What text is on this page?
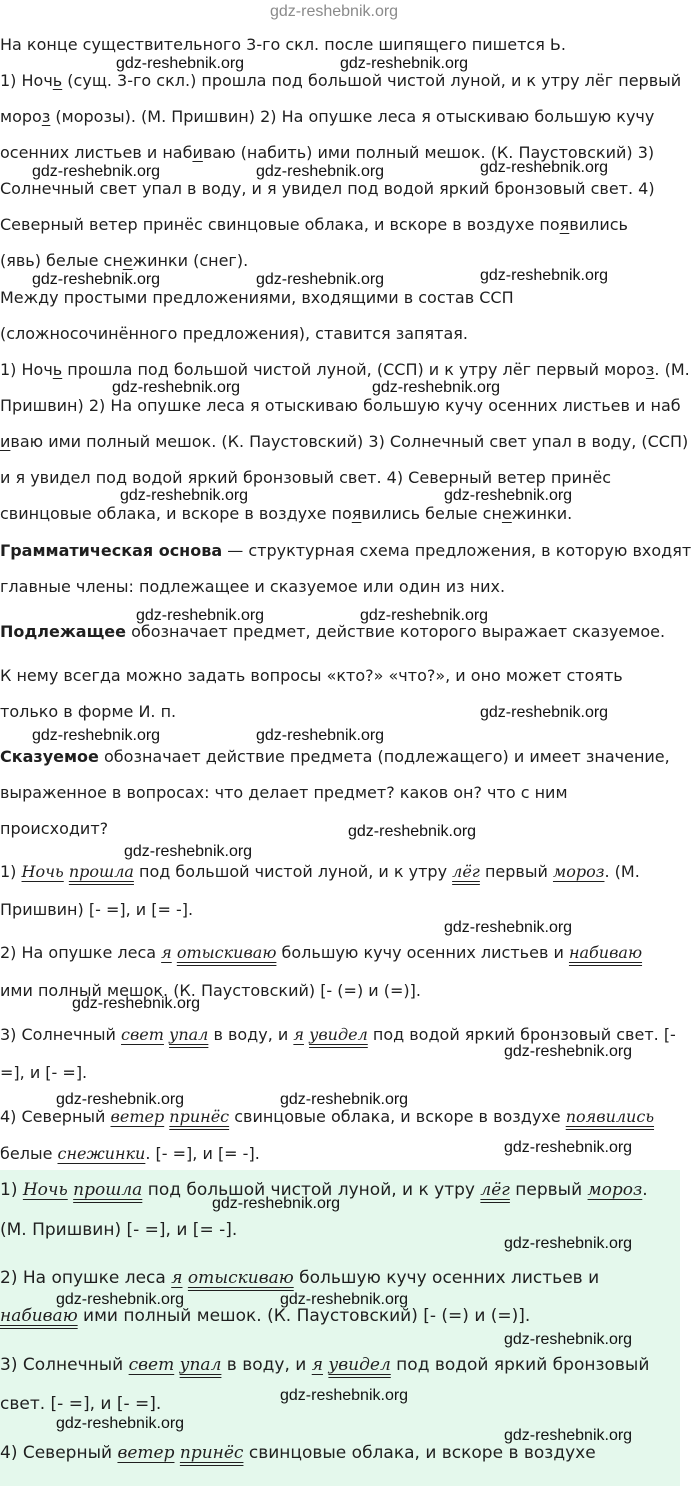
gdz-reshebnik.org
На конце существительного 3-го скл. после шипящего пишется Ь.
1) Ночь (сущ. 3-го скл.) прошла под большой чистой луной, и к утру лёг первый
мороз (морозы). (М. Пришвин) 2) На опушке леса я отыскиваю большую кучу
осенних листьев и набиваю (набить) ими полный мешок. (К. Паустовский) 3)
Солнечный свет упал в воду, и я увидел под водой яркий бронзовый свет. 4)
Северный ветер принёс свинцовые облака, и вскоре в воздухе появились
(явь) белые снежинки (снег).
Между простыми предложениями, входящими в состав ССП
(сложносочинённого предложения), ставится запятая.
1) Ночь прошла под большой чистой луной, (ССП) и к утру лёг первый мороз. (М.
Пришвин) 2) На опушке леса я отыскиваю большую кучу осенних листьев и наб
иваю ими полный мешок. (К. Паустовский) 3) Солнечный свет упал в воду, (ССП)
и я увидел под водой яркий бронзовый свет. 4) Северный ветер принёс
свинцовые облака, и вскоре в воздухе появились белые снежинки.
Грамматическая основа — структурная схема предложения, в которую входят
главные члены: подлежащее и сказуемое или один из них.
Подлежащее обозначает предмет, действие которого выражает сказуемое.
К нему всегда можно задать вопросы «кто?» «что?», и оно может стоять
только в форме И. п.
Сказуемое обозначает действие предмета (подлежащего) и имеет значение,
выраженное в вопросах: что делает предмет? каков он? что с ним
происходит?
1) Ночь прошла под большой чистой луной, и к утру лёг первый мороз. (М.
Пришвин) [- =], и [= -].
2) На опушке леса я отыскиваю большую кучу осенних листьев и набиваю
ими полный мешок. (К. Паустовский) [- (=) и (=)].
3) Солнечный свет упал в воду, и я увидел под водой яркий бронзовый свет. [-
=], и [- =].
4) Северный ветер принёс свинцовые облака, и вскоре в воздухе появились
белые снежинки. [- =], и [= -].
1) Ночь прошла под большой чистой луной, и к утру лёг первый мороз.
(М. Пришвин) [- =], и [= -].
2) На опушке леса я отыскиваю большую кучу осенних листьев и
набиваю ими полный мешок. (К. Паустовский) [- (=) и (=)].
3) Солнечный свет упал в воду, и я увидел под водой яркий бронзовый
свет. [- =], и [- =].
4) Северный ветер принёс свинцовые облака, и вскоре в воздухе
gdz-reshebnik.org	gdz-reshebnik.org
gdz-reshebnik.org
gdz-reshebnik.org	gdz-reshebnik.org
gdz-reshebnik.org
gdz-reshebnik.org	gdz-reshebnik.org
gdz-reshebnik.org	gdz-reshebnik.org
gdz-reshebnik.org	gdz-reshebnik.org
gdz-reshebnik.org	gdz-reshebnik.org
gdz-reshebnik.org
gdz-reshebnik.org	gdz-reshebnik.org
gdz-reshebnik.org
gdz-reshebnik.org
gdz-reshebnik.org
gdz-reshebnik.org
gdz-reshebnik.org
gdz-reshebnik.org	gdz-reshebnik.org
gdz-reshebnik.org
gdz-reshebnik.org
gdz-reshebnik.org
gdz-reshebnik.org	gdz-reshebnik.org
gdz-reshebnik.org
gdz-reshebnik.org
gdz-reshebnik.org
gdz-reshebnik.org
